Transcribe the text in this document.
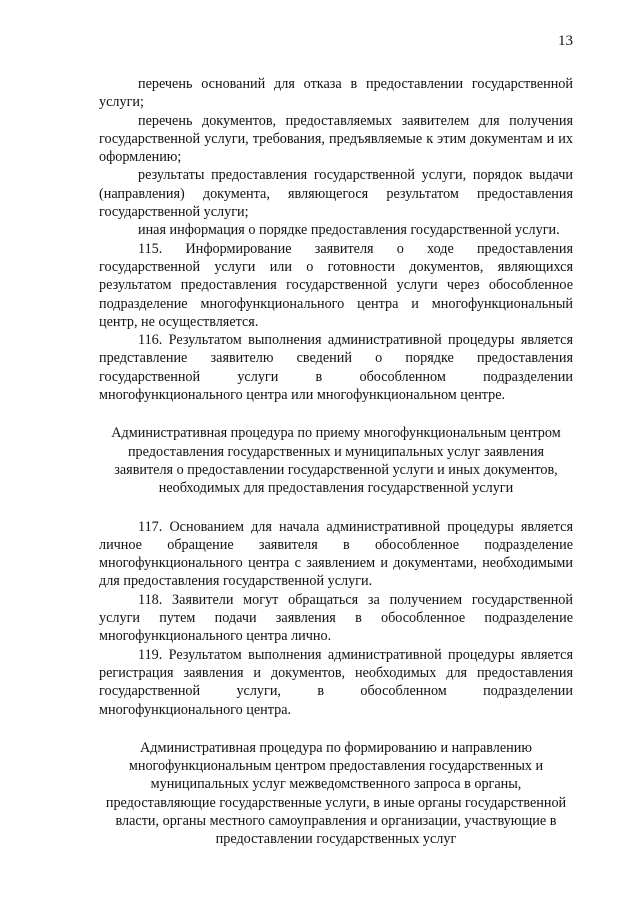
13

перечень оснований для отказа в предоставлении государственной услуги;

перечень документов, предоставляемых заявителем для получения государственной услуги, требования, предъявляемые к этим документам и их оформлению;

результаты предоставления государственной услуги, порядок выдачи (направления) документа, являющегося результатом предоставления государственной услуги;

иная информация о порядке предоставления государственной услуги.

115. Информирование заявителя о ходе предоставления государственной услуги или о готовности документов, являющихся результатом предоставления государственной услуги через обособленное подразделение многофункционального центра и многофункциональный центр, не осуществляется.

116. Результатом выполнения административной процедуры является представление заявителю сведений о порядке предоставления государственной услуги в обособленном подразделении многофункционального центра или многофункциональном центре.

Административная процедура по приему многофункциональным центром предоставления государственных и муниципальных услуг заявления заявителя о предоставлении государственной услуги и иных документов, необходимых для предоставления государственной услуги

117. Основанием для начала административной процедуры является личное обращение заявителя в обособленное подразделение многофункционального центра с заявлением и документами, необходимыми для предоставления государственной услуги.

118. Заявители могут обращаться за получением государственной услуги путем подачи заявления в обособленное подразделение многофункционального центра лично.

119. Результатом выполнения административной процедуры является регистрация заявления и документов, необходимых для предоставления государственной услуги, в обособленном подразделении многофункционального центра.

Административная процедура по формированию и направлению многофункциональным центром предоставления государственных и муниципальных услуг межведомственного запроса в органы, предоставляющие государственные услуги, в иные органы государственной власти, органы местного самоуправления и организации, участвующие в предоставлении государственных услуг
